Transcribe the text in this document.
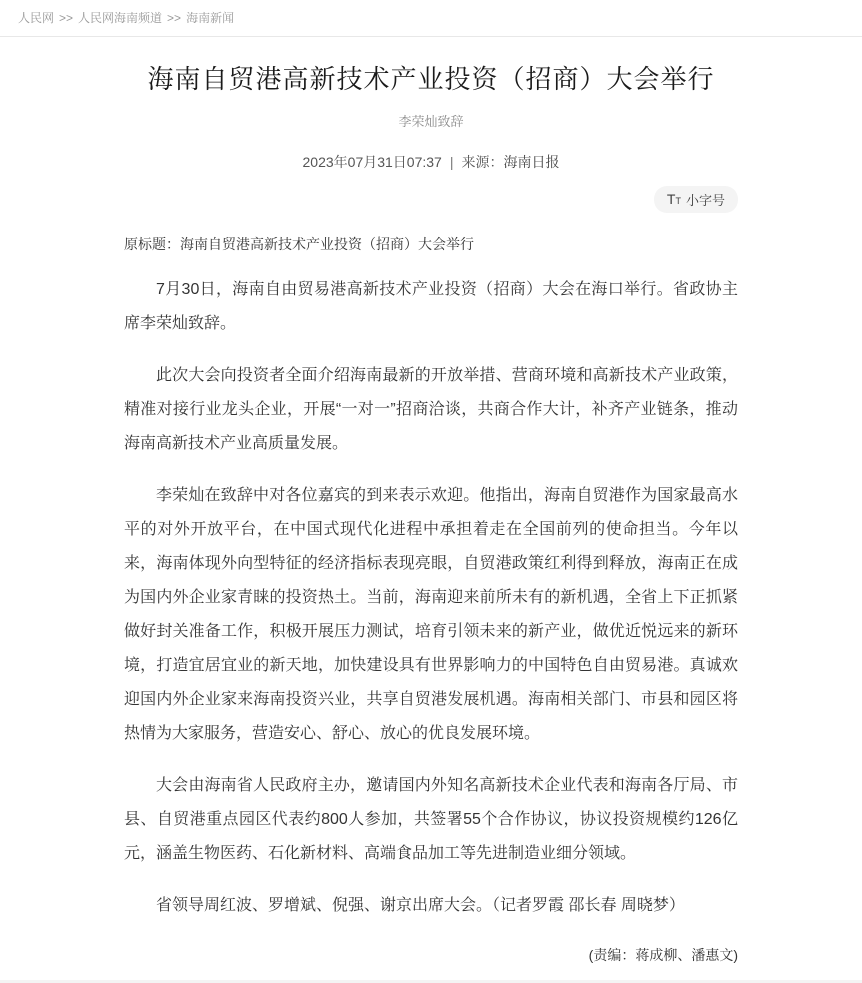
人民网 >> 人民网海南频道 >> 海南新闻
海南自贸港高新技术产业投资（招商）大会举行
李荣灿致辞
2023年07月31日07:37 | 来源：海南日报
T T 小字号

原标题：海南自贸港高新技术产业投资（招商）大会举行

7月30日，海南自由贸易港高新技术产业投资（招商）大会在海口举行。省政协主席李荣灿致辞。

此次大会向投资者全面介绍海南最新的开放举措、营商环境和高新技术产业政策，精准对接行业龙头企业，开展“一对一”招商洽谈，共商合作大计，补齐产业链条，推动海南高新技术产业高质量发展。

李荣灿在致辞中对各位嘉宾的到来表示欢迎。他指出，海南自贸港作为国家最高水平的对外开放平台，在中国式现代化进程中承担着走在全国前列的使命担当。今年以来，海南体现外向型特征的经济指标表现亮眼，自贸港政策红利得到释放，海南正在成为国内外企业家青睐的投资热土。当前，海南迎来前所未有的新机遇，全省上下正抓紧做好封关准备工作，积极开展压力测试，培育引领未来的新产业，做优近悦远来的新环境，打造宜居宜业的新天地，加快建设具有世界影响力的中国特色自由贸易港。真诚欢迎国内外企业家来海南投资兴业，共享自贸港发展机遇。海南相关部门、市县和园区将热情为大家服务，营造安心、舒心、放心的优良发展环境。

大会由海南省人民政府主办，邀请国内外知名高新技术企业代表和海南各厅局、市县、自贸港重点园区代表约800人参加，共签署55个合作协议，协议投资规模约126亿元，涵盖生物医药、石化新材料、高端食品加工等先进制造业细分领域。

省领导周红波、罗增斌、倪强、谢京出席大会。（记者罗霞 邵长春 周晓梦）

(责编：蒋成柳、潘惠文)
